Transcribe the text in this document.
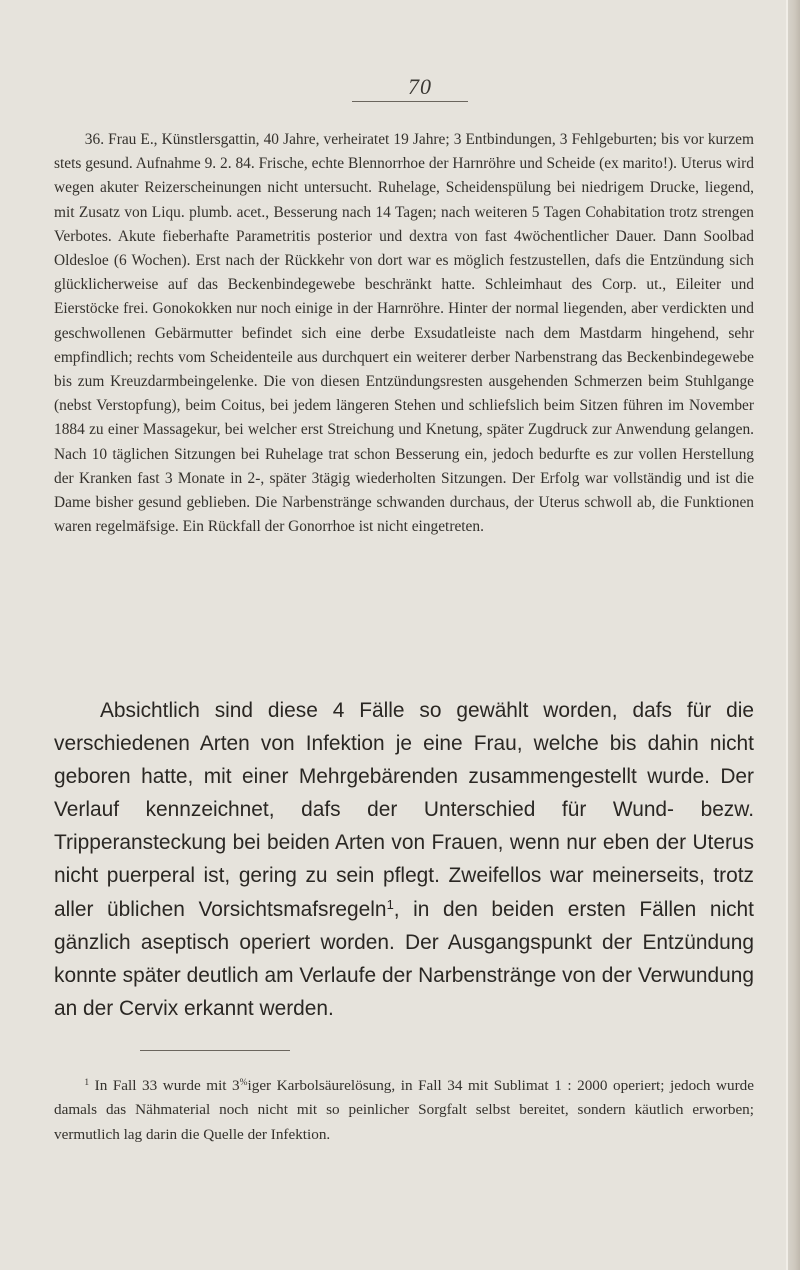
70

36. Frau E., Künstlersgattin, 40 Jahre, verheiratet 19 Jahre; 3 Entbindungen, 3 Fehlgeburten; bis vor kurzem stets gesund. Aufnahme 9. 2. 84. Frische, echte Blennorrhoe der Harnröhre und Scheide (ex marito!). Uterus wird wegen akuter Reizerscheinungen nicht untersucht. Ruhelage, Scheidenspülung bei niedrigem Drucke, liegend, mit Zusatz von Liqu. plumb. acet., Besserung nach 14 Tagen; nach weiteren 5 Tagen Cohabitation trotz strengen Verbotes. Akute fieberhafte Parametritis posterior und dextra von fast 4wöchentlicher Dauer. Dann Soolbad Oldesloe (6 Wochen). Erst nach der Rückkehr von dort war es möglich festzustellen, dafs die Entzündung sich glücklicherweise auf das Beckenbindegewebe beschränkt hatte. Schleimhaut des Corp. ut., Eileiter und Eierstöcke frei. Gonokokken nur noch einige in der Harnröhre. Hinter der normal liegenden, aber verdickten und geschwollenen Gebärmutter befindet sich eine derbe Exsudatleiste nach dem Mastdarm hingehend, sehr empfindlich; rechts vom Scheidenteile aus durchquert ein weiterer derber Narbenstrang das Beckenbindegewebe bis zum Kreuzdarmbeingelenke. Die von diesen Entzündungsresten ausgehenden Schmerzen beim Stuhlgange (nebst Verstopfung), beim Coitus, bei jedem längeren Stehen und schliefslich beim Sitzen führen im November 1884 zu einer Massagekur, bei welcher erst Streichung und Knetung, später Zugdruck zur Anwendung gelangen. Nach 10 täglichen Sitzungen bei Ruhelage trat schon Besserung ein, jedoch bedurfte es zur vollen Herstellung der Kranken fast 3 Monate in 2-, später 3tägig wiederholten Sitzungen. Der Erfolg war vollständig und ist die Dame bisher gesund geblieben. Die Narbenstränge schwanden durchaus, der Uterus schwoll ab, die Funktionen waren regelmäfsige. Ein Rückfall der Gonorrhoe ist nicht eingetreten.

Absichtlich sind diese 4 Fälle so gewählt worden, dafs für die verschiedenen Arten von Infektion je eine Frau, welche bis dahin nicht geboren hatte, mit einer Mehrgebärenden zusammengestellt wurde. Der Verlauf kennzeichnet, dafs der Unterschied für Wund- bezw. Tripperansteckung bei beiden Arten von Frauen, wenn nur eben der Uterus nicht puerperal ist, gering zu sein pflegt. Zweifellos war meinerseits, trotz aller üblichen Vorsichtsmafsregeln$^1$, in den beiden ersten Fällen nicht gänzlich aseptisch operiert worden. Der Ausgangspunkt der Entzündung konnte später deutlich am Verlaufe der Narbenstränge von der Verwundung an der Cervix erkannt werden.

$^1$ In Fall 33 wurde mit 3%iger Karbolsäurelösung, in Fall 34 mit Sublimat 1 : 2000 operiert; jedoch wurde damals das Nähmaterial noch nicht mit so peinlicher Sorgfalt selbst bereitet, sondern käutlich erworben; vermutlich lag darin die Quelle der Infektion.
